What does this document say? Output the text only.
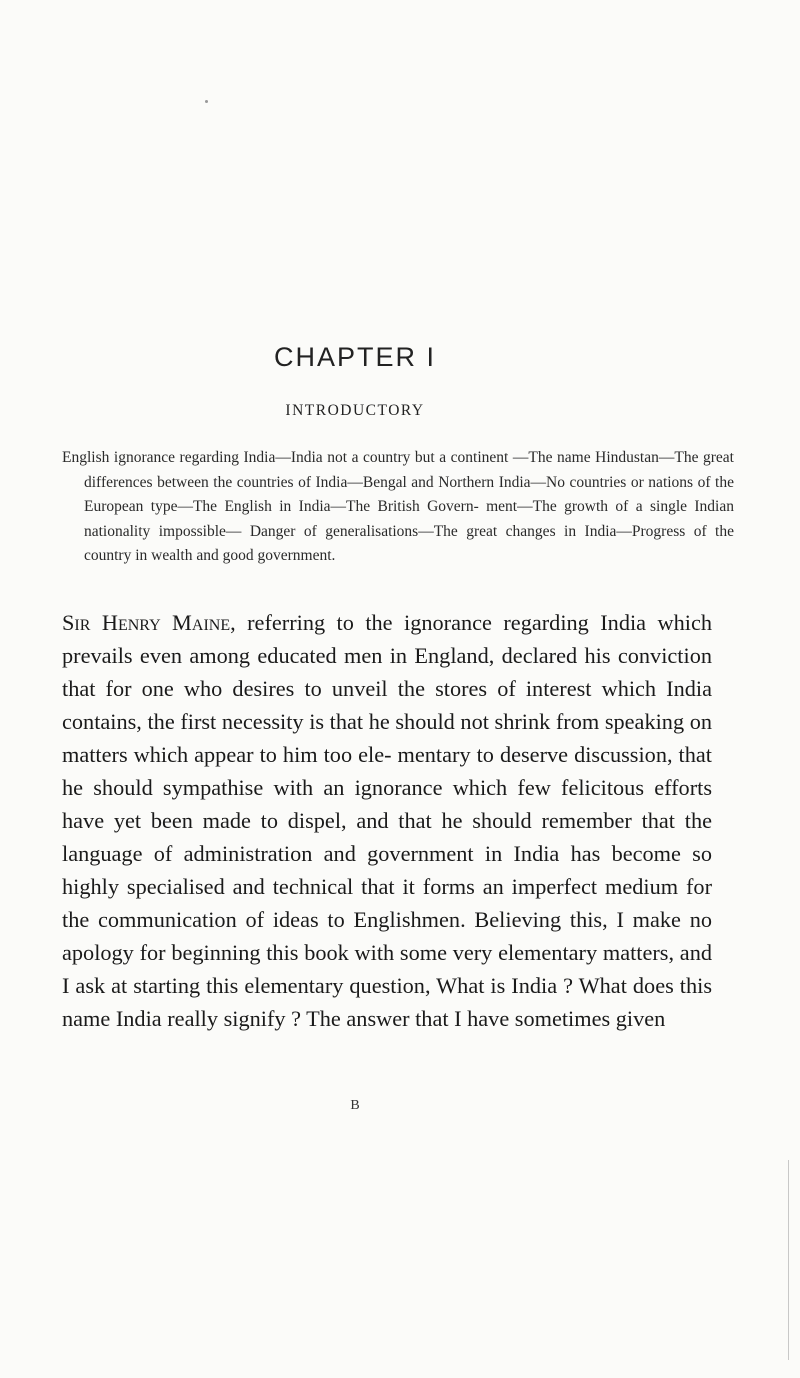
CHAPTER I
INTRODUCTORY

English ignorance regarding India—India not a country but a continent —The name Hindustan—The great differences between the countries of India—Bengal and Northern India—No countries or nations of the European type—The English in India—The British Govern- ment—The growth of a single Indian nationality impossible— Danger of generalisations—The great changes in India—Progress of the country in wealth and good government.

Sir Henry Maine, referring to the ignorance regarding India which prevails even among educated men in England, declared his conviction that for one who desires to unveil the stores of interest which India contains, the first necessity is that he should not shrink from speaking on matters which appear to him too ele- mentary to deserve discussion, that he should sympathise with an ignorance which few felicitous efforts have yet been made to dispel, and that he should remember that the language of administration and government in India has become so highly specialised and technical that it forms an imperfect medium for the communication of ideas to Englishmen. Believing this, I make no apology for beginning this book with some very elementary matters, and I ask at starting this elementary question, What is India ? What does this name India really signify ? The answer that I have sometimes given

B
